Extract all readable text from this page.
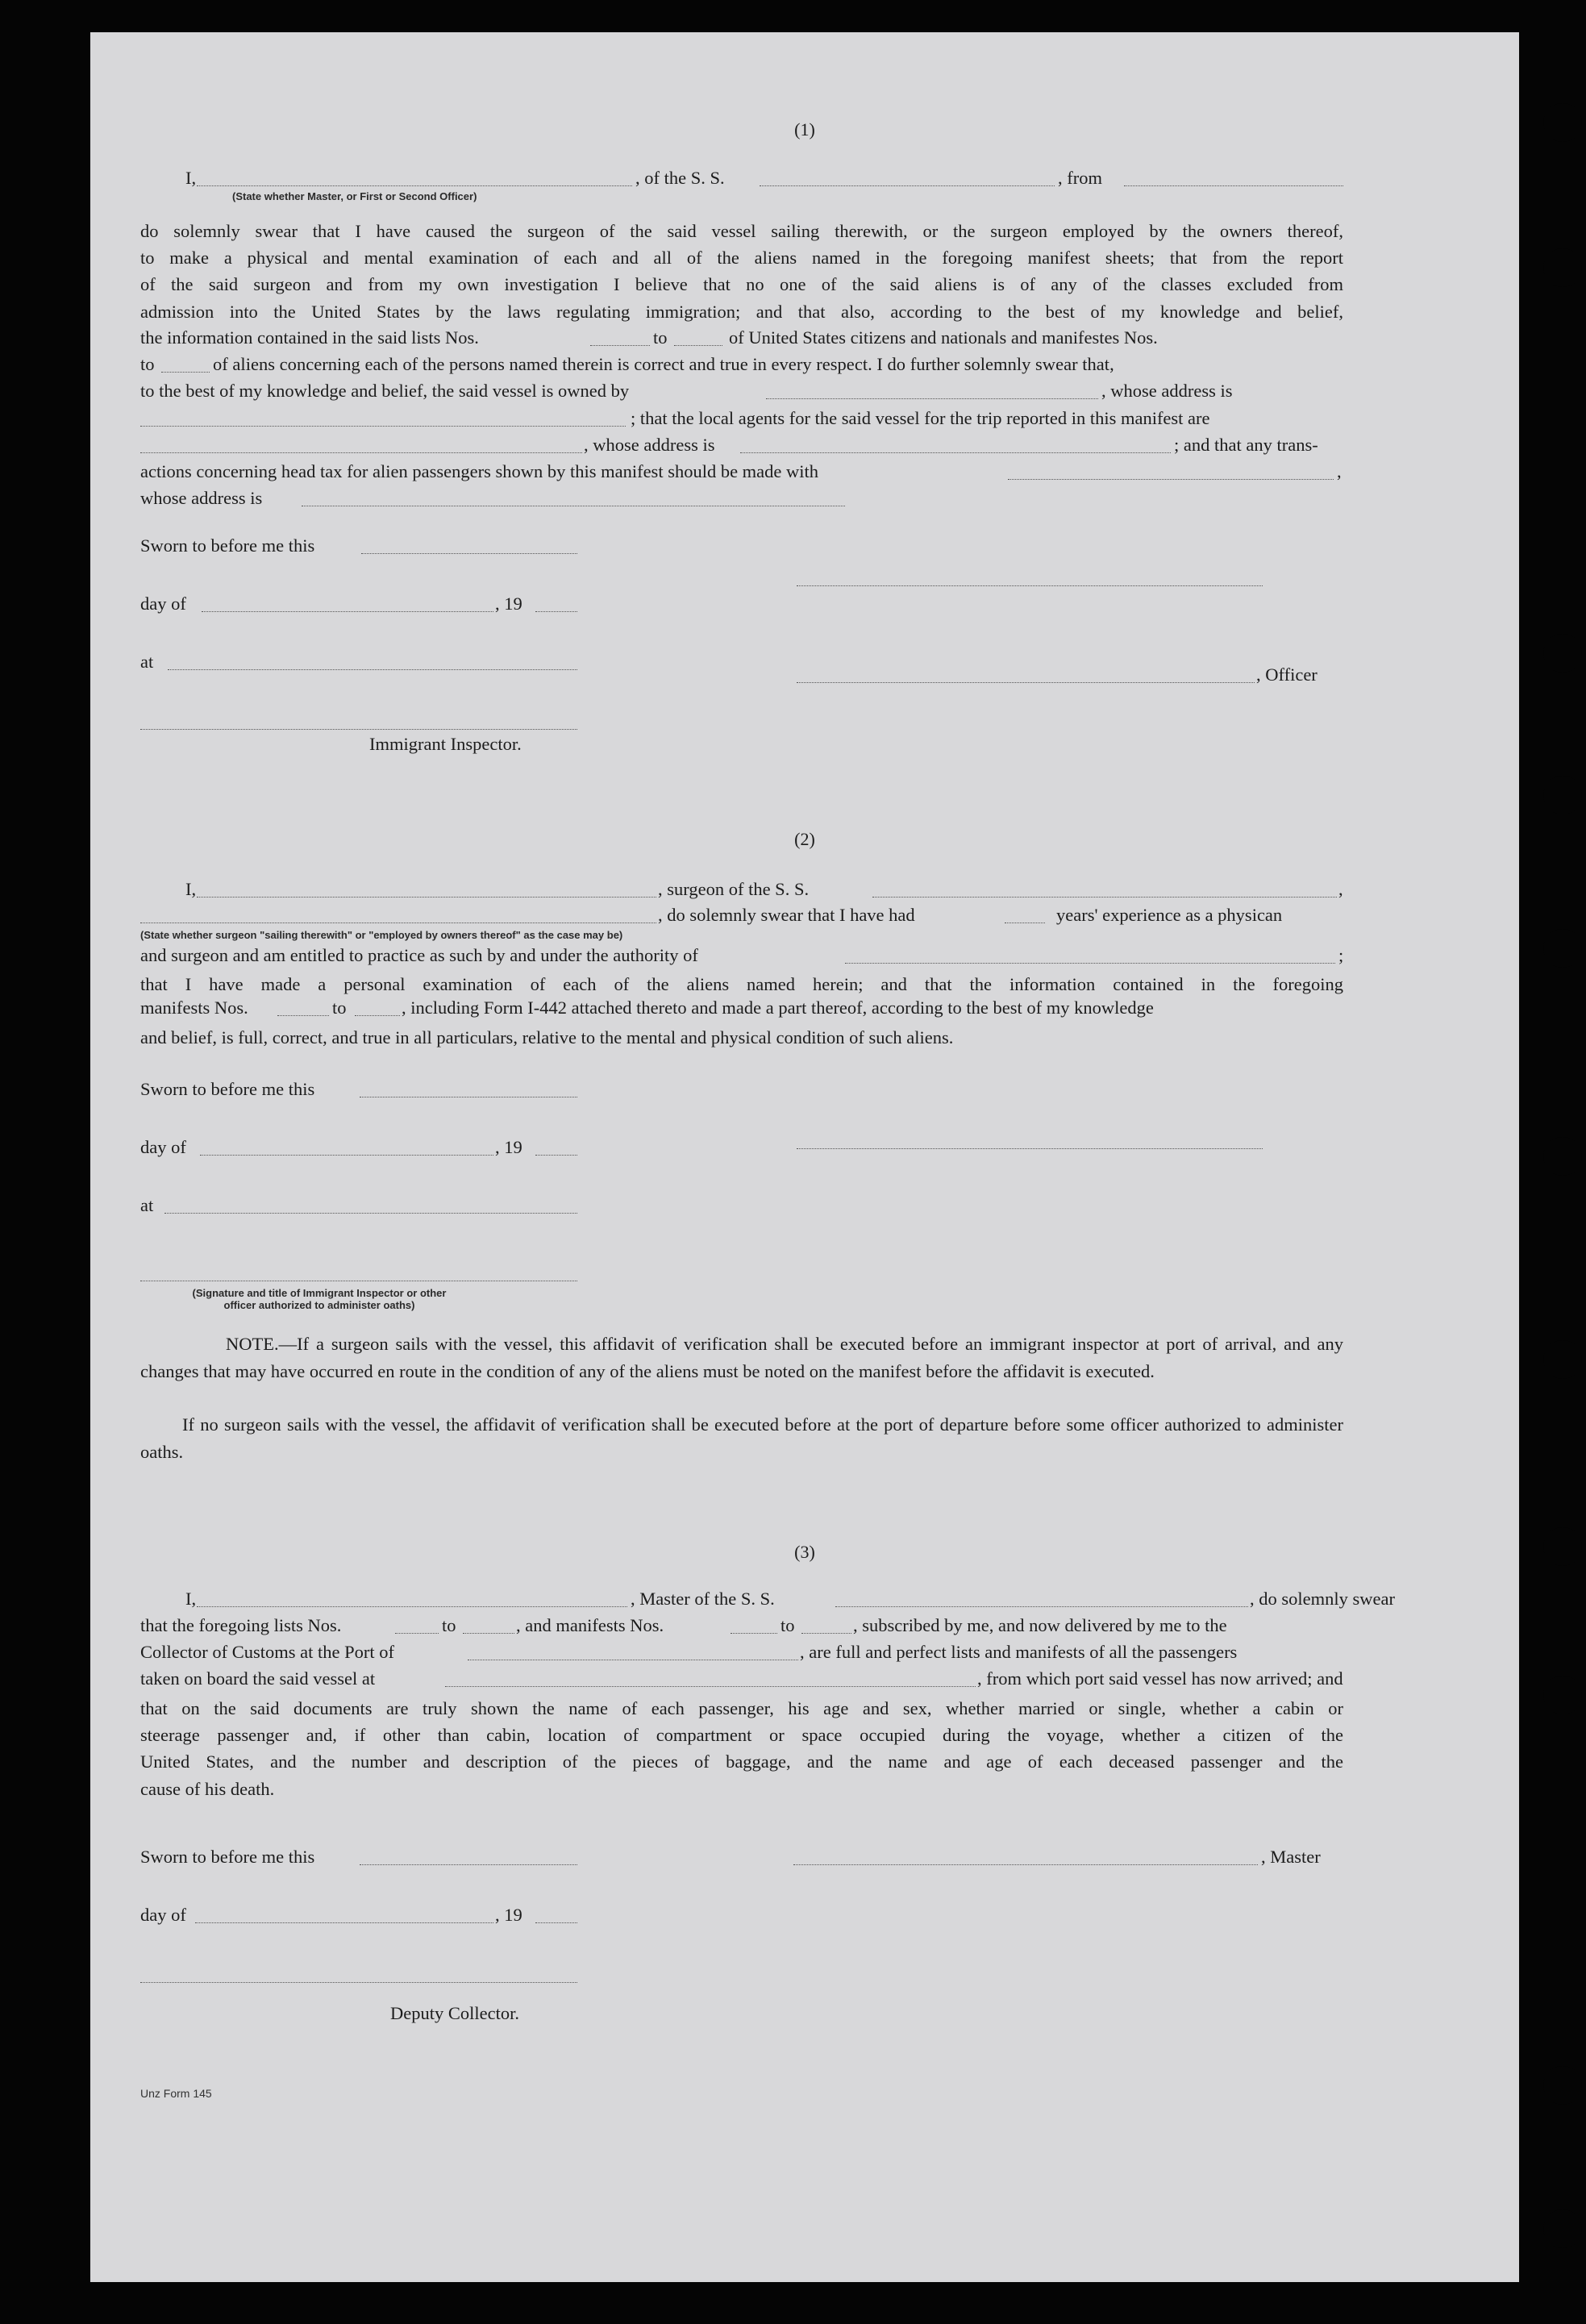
(1)
I,	, of the S. S.	, from
(State whether Master, or First or Second Officer)
do solemnly swear that I have caused the surgeon of the said vessel sailing therewith, or the surgeon employed by the owners thereof,
to make a physical and mental examination of each and all of the aliens named in the foregoing manifest sheets; that from the report
of the said surgeon and from my own investigation I believe that no one of the said aliens is of any of the classes excluded from
admission into the United States by the laws regulating immigration; and that also, according to the best of my knowledge and belief,
the information contained in the said lists Nos.	to	of United States citizens and nationals and manifestes Nos.
to	of aliens concerning each of the persons named therein is correct and true in every respect. I do further solemnly swear that,
to the best of my knowledge and belief, the said vessel is owned by	, whose address is
; that the local agents for the said vessel for the trip reported in this manifest are
, whose address is	; and that any trans-
actions concerning head tax for alien passengers shown by this manifest should be made with	,
whose address is
Sworn to before me this
day of	, 19
at
, Officer
Immigrant Inspector.
(2)
I,	, surgeon of the S. S.	,
, do solemnly swear that I have had	years' experience as a physican
(State whether surgeon "sailing therewith" or "employed by owners thereof" as the case may be)
and surgeon and am entitled to practice as such by and under the authority of	;
that I have made a personal examination of each of the aliens named herein; and that the information contained in the foregoing
manifests Nos.	to	, including Form I-442 attached thereto and made a part thereof, according to the best of my knowledge
and belief, is full, correct, and true in all particulars, relative to the mental and physical condition of such aliens.
Sworn to before me this
day of	, 19
at
(Signature and title of Immigrant Inspector or other officer authorized to administer oaths)
NOTE.—If a surgeon sails with the vessel, this affidavit of verification shall be executed before an immigrant inspector at port of arrival, and any changes that may have occurred en route in the condition of any of the aliens must be noted on the manifest before the affidavit is executed.
If no surgeon sails with the vessel, the affidavit of verification shall be executed before at the port of departure before some officer authorized to administer oaths.
(3)
I,	, Master of the S. S.	, do solemnly swear
that the foregoing lists Nos.	to	, and manifests Nos.	to	, subscribed by me, and now delivered by me to the
Collector of Customs at the Port of	, are full and perfect lists and manifests of all the passengers
taken on board the said vessel at	, from which port said vessel has now arrived; and
that on the said documents are truly shown the name of each passenger, his age and sex, whether married or single, whether a cabin or
steerage passenger and, if other than cabin, location of compartment or space occupied during the voyage, whether a citizen of the
United States, and the number and description of the pieces of baggage, and the name and age of each deceased passenger and the
cause of his death.
Sworn to before me this	, Master
day of	, 19
Deputy Collector.
Unz Form 145
